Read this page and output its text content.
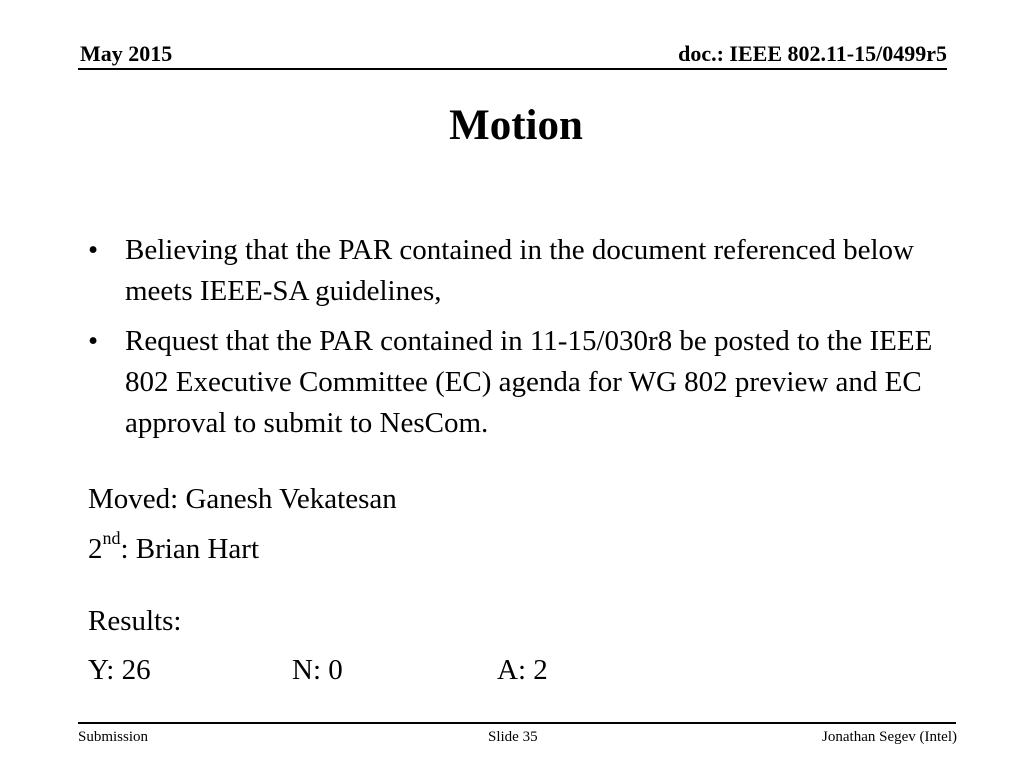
May 2015	doc.: IEEE 802.11-15/0499r5
Motion
• Believing that the PAR contained in the document referenced below meets IEEE-SA guidelines,
• Request that the PAR contained in 11-15/030r8 be posted to the IEEE 802 Executive Committee (EC) agenda for WG 802 preview and EC approval to submit to NesCom.
Moved: Ganesh Vekatesan
2nd: Brian Hart
Results:
Y: 26	N: 0	A: 2
Submission	Slide 35	Jonathan Segev (Intel)
